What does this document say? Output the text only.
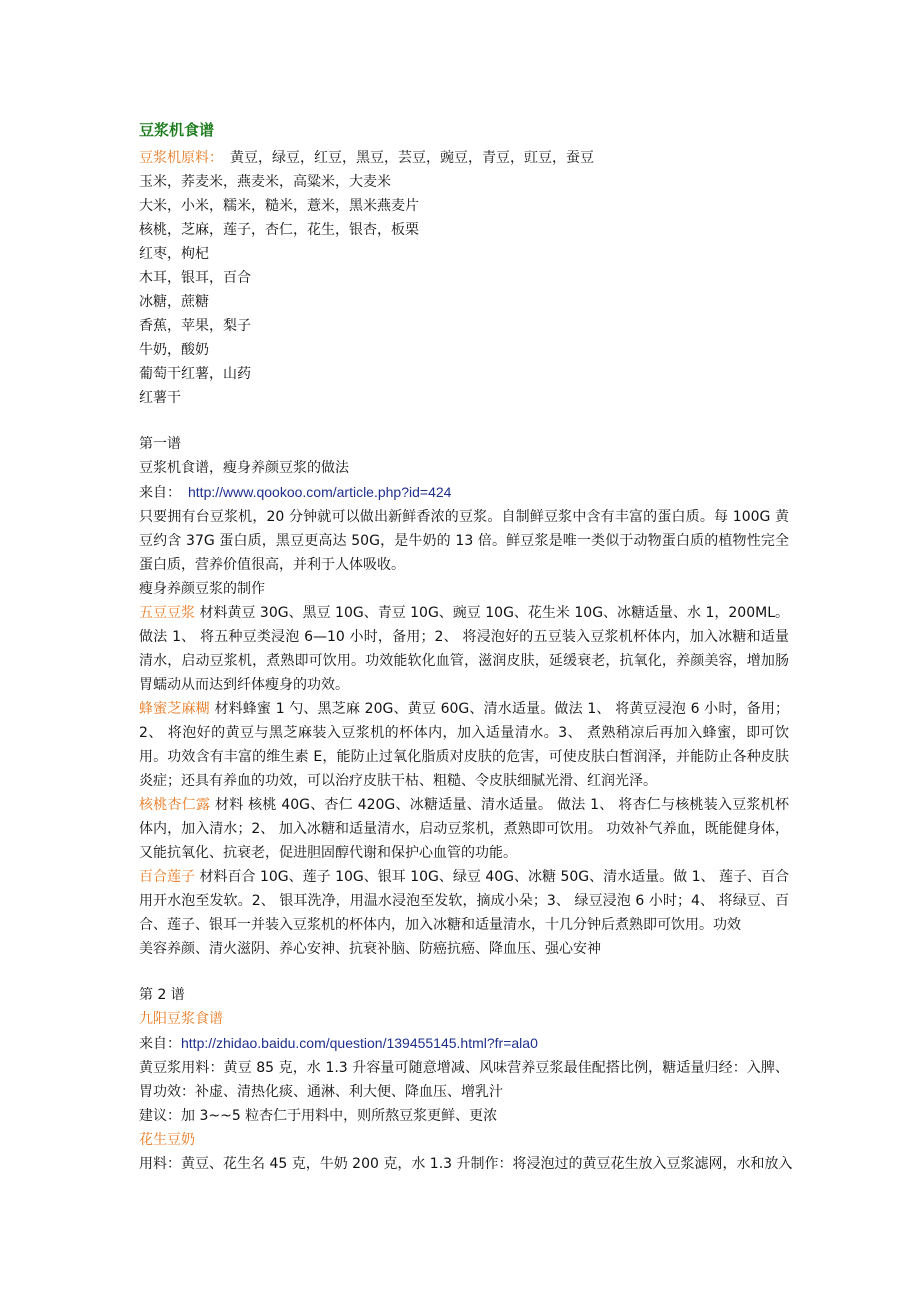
豆浆机食谱
豆浆机原料：　黄豆，绿豆，红豆，黑豆，芸豆，豌豆，青豆，豇豆，蚕豆
玉米，荞麦米，燕麦米，高粱米，大麦米
大米，小米，糯米，糙米，薏米，黑米燕麦片
核桃，芝麻，莲子，杏仁，花生，银杏，板栗
红枣，枸杞
木耳，银耳，百合
冰糖，蔗糖
香蕉，苹果，梨子
牛奶，酸奶
葡萄干红薯，山药
红薯干
第一谱
豆浆机食谱，瘦身养颜豆浆的做法
来自：　http://www.qookoo.com/article.php?id=424
只要拥有台豆浆机，20 分钟就可以做出新鲜香浓的豆浆。自制鲜豆浆中含有丰富的蛋白质。每 100G 黄豆约含 37G 蛋白质，黑豆更高达 50G，是牛奶的 13 倍。鲜豆浆是唯一类似于动物蛋白质的植物性完全蛋白质，营养价值很高，并利于人体吸收。
瘦身养颜豆浆的制作
五豆豆浆 材料黄豆 30G、黑豆 10G、青豆 10G、豌豆 10G、花生米 10G、冰糖适量、水 1，200ML。 做法 1、 将五种豆类浸泡 6—10 小时，备用；2、 将浸泡好的五豆装入豆浆机杯体内，加入冰糖和适量清水，启动豆浆机，煮熟即可饮用。功效能软化血管，滋润皮肤，延缓衰老，抗氧化，养颜美容，增加肠胃蠕动从而达到纤体瘦身的功效。
蜂蜜芝麻糊 材料蜂蜜 1 勺、黑芝麻 20G、黄豆 60G、清水适量。做法 1、 将黄豆浸泡 6 小时，备用；2、 将泡好的黄豆与黑芝麻装入豆浆机的杯体内，加入适量清水。3、 煮熟稍凉后再加入蜂蜜，即可饮用。功效含有丰富的维生素 E，能防止过氧化脂质对皮肤的危害，可使皮肤白皙润泽，并能防止各种皮肤炎症；还具有养血的功效，可以治疗皮肤干枯、粗糙、令皮肤细腻光滑、红润光泽。
核桃杏仁露 材料 核桃 40G、杏仁 420G、冰糖适量、清水适量。 做法 1、 将杏仁与核桃装入豆浆机杯体内，加入清水；2、 加入冰糖和适量清水，启动豆浆机，煮熟即可饮用。 功效补气养血，既能健身体，又能抗氧化、抗衰老，促进胆固醇代谢和保护心血管的功能。
百合莲子 材料百合 10G、莲子 10G、银耳 10G、绿豆 40G、冰糖 50G、清水适量。做 1、 莲子、百合用开水泡至发软。2、 银耳洗净，用温水浸泡至发软，摘成小朵；3、 绿豆浸泡 6 小时；4、 将绿豆、百合、莲子、银耳一并装入豆浆机的杯体内，加入冰糖和适量清水，十几分钟后煮熟即可饮用。功效
美容养颜、清火滋阴、养心安神、抗衰补脑、防癌抗癌、降血压、强心安神
第 2 谱
九阳豆浆食谱
来自：http://zhidao.baidu.com/question/139455145.html?fr=ala0
黄豆浆用料：黄豆 85 克，水 1.3 升容量可随意增减、风味营养豆浆最佳配搭比例，糖适量归经：入脾、胃功效：补虚、清热化痰、通淋、利大便、降血压、增乳汁
建议：加 3~~5 粒杏仁于用料中，则所熬豆浆更鲜、更浓
花生豆奶
用料：黄豆、花生名 45 克，牛奶 200 克，水 1.3 升制作：将浸泡过的黄豆花生放入豆浆滤网，水和放入
